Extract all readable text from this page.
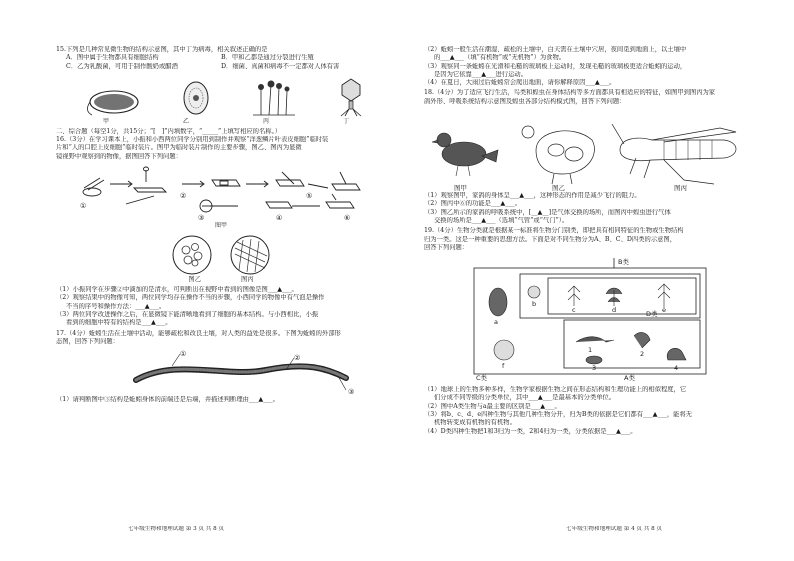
15.下列是几种常见微生物的结构示意图，其中丁为病毒，相关叙述正确的是

A．图中属于生物都具有细胞结构	B．甲和乙都是通过分裂进行生殖

C．乙为乳酸菌，可用于制作酸奶或醋酒	D．细菌、真菌和病毒不一定都对人体有害

甲	乙	丙	丁

二、综合题（每空1分，共15分；“[　]”内填数字，“_____”上填写相应的名称。）

16.（3分）在学习课本上，小振和小西两位同学分别用到制作并观察“洋葱鳞片叶表皮细胞”临时装

片和“人的口腔上皮细胞”临时装片。图甲为临时装片制作的主要步骤，图乙、图丙为显微

镜视野中观察到的物像，据图回答下列问题：

①
②
③	④
⑤
⑥

图甲

图乙	图丙

（1）小振同学在步骤②中滴加的是清水，可判断出在视野中看到的图像是图___▲___。

（2）观察结果中的物像可知，两位同学均存在操作不当的步骤，小西同学的物像中有气泡是操作

不当的序号和操作方法：___▲___。

（3）两位同学改进操作之后，在显微镜下能清晰地看到了细胞的基本结构。与小西相比，小振

看到的细胞中特有的结构是___▲___。

17.（4分）蚯蚓生活在土壤中活动，能够疏松和改良土壤，对人类的益处是很多。下图为蚯蚓的外部形

态图，回答下列问题：

①	②
③

（1）请判断图中③结构是蚯蚓身体的前端还是后端，并描述判断理由___▲___。

七年级生物和地理试题 第 3 页 共 8 页

（2）蚯蚓一般生活在潮湿、疏松的土壤中，白天需在土壤中穴居，夜间觅到地面上，以土壤中

的___▲___（填“有机物”或“无机物”）为食物。

（3）观察同一条蚯蚓在光滑和毛糙的玻璃板上运动时，发现毛糙的玻璃板更适合蚯蚓的运动，

是因为它依靠___▲___进行运动。

（4）在夏日，大雨过后蚯蚓常会爬出地面，请你解释原因___▲___。

18.（4分）为了适应飞行生活，鸟类和蝗虫在身体结构等多方面都具有相适应的特征，如图甲到图丙为家

鸽外形、呼吸系统结构示意图及蝗虫各部分结构模式图，回答下列问题：

图甲	图乙	图丙

（1）观察图甲，家鸽的身体呈___▲___，这种形态的作用是减少飞行的阻力。

（2）图丙中⑥的功能是___▲___。

（3）图乙所示的家鸽的呼吸系统中，[__▲__]是气体交换的场所，而图丙中蝗虫进行气体

交换的场所是___▲___（选填“气管”或“气门”）。

19.（4分）生物分类就是根据某一标准将生物分门别类，即把具有相同特征的生物或生物结构

归为一类。这是一种重要的思想方法。下面是对不同生物分为A、B、C、D四类的示意图，

回答下列问题：

B类
C类
D类
A类
a
b
c	d	e
f
1	2
3	4

（1）地球上的生物多种多样，生物学家根据生物之间在形态结构和生理功能上的相似程度，它

们分成不同等级的分类单位，其中___▲___是最基本的分类单位。

（2）图中A类生物与a最主要的区别是___▲___。

（3）将b、c、d、e四种生物与其他几种生物分开，归为B类的依据是它们都有___▲___，能将无

机物转变成有机物的有机物。

（4）D类四种生物把1和3归为一类，2和4归为一类，分类依据是___▲___。

七年级生物和地理试题 第 4 页 共 8 页
